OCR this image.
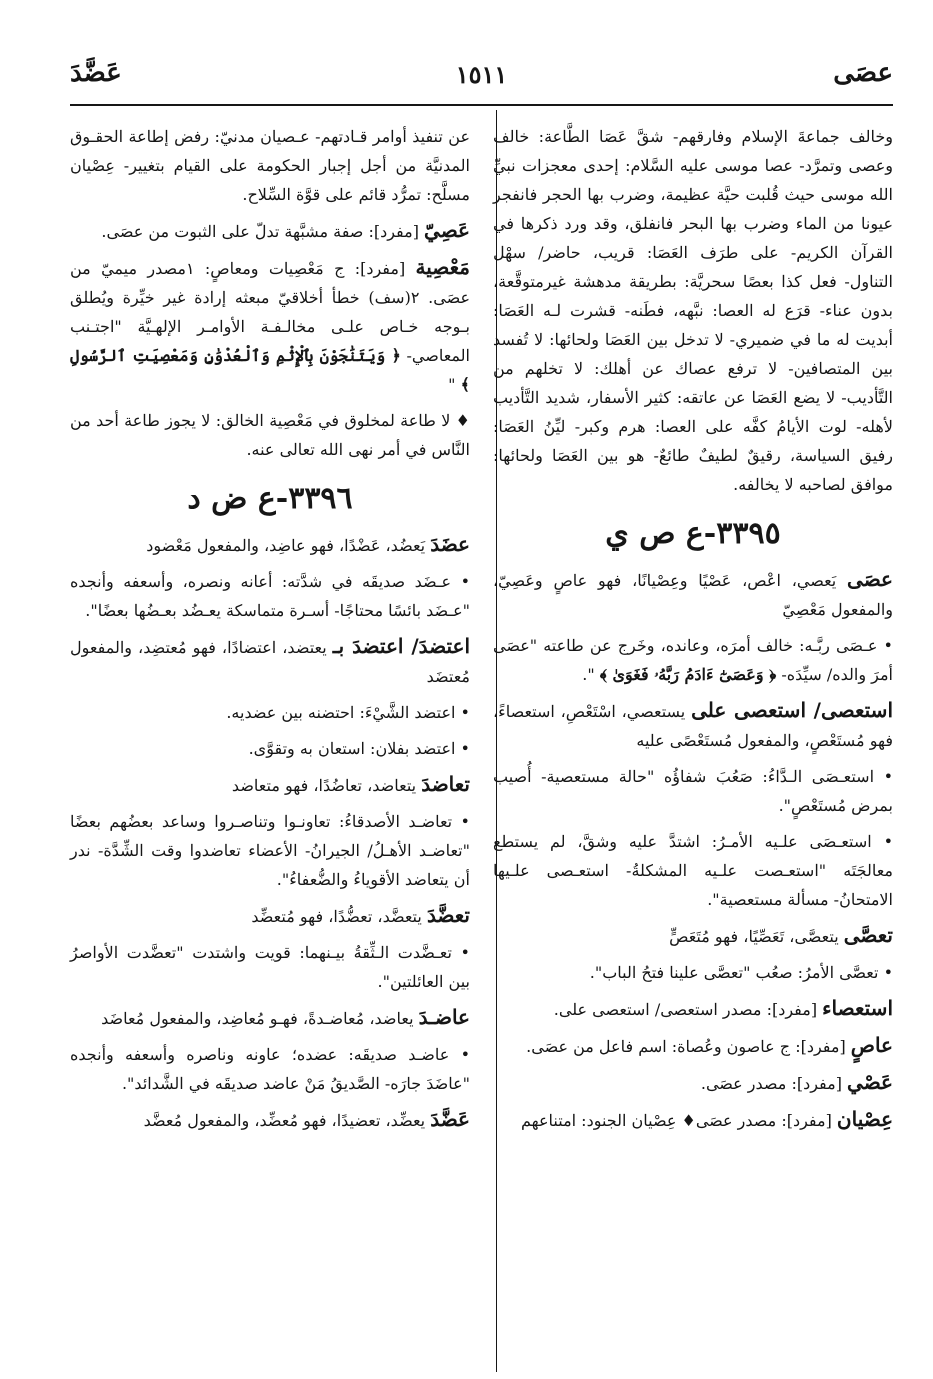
عصَى
١٥١١
عَضَّدَ

وخالف جماعةَ الإسلام وفارقهم- شقَّ عَصَا الطَّاعة: خالف وعصى وتمرَّد- عصا موسى عليه السَّلام: إحدى معجزات نبيِّ الله موسى حيث قُلبت حيَّة عظيمة، وضرب بها الحجر فانفجر عيونا من الماء وضرب بها البحر فانفلق، وقد ورد ذكرها في القرآن الكريم- على طرَف العَصَا: قريب، حاضر/ سهْل التناول- فعل كذا بعصًا سحريَّة: بطريقة مدهشة غيرمتوقَّعة، بدون عناء- قرَع له العصا: نبَّهه، فطَنه- قشرت لـه العَصَا: أبديت له ما في ضميري- لا تدخل بين العَصَا ولحائها: لا تُفسد بين المتصافين- لا ترفع عصاك عن أهلك: لا تخلهم من التَّأديب- لا يضع العَصَا عن عاتقه: كثير الأسفار، شديد التَّأديب لأهله- لوت الأيامُ كفَّه على العصا: هرم وكبر- ليِّنُ العَصَا: رفيق السياسة، رقيقٌ لطيفٌ طائعٌ- هو بين العَصَا ولحائها: موافق لصاحبه لا يخالفه.

٣٣٩٥-ع ص ي

عصَى يَعصي، اعْص، عَصْيًا وعِصْيانًا، فهو عاصٍ وعَصِيّ، والمفعول مَعْصِيّ

• عـصَى ربَّـه: خالف أمرَه، وعانده، وخَرج عن طاعته "عصَى أمرَ والده/ سيِّدَه- ﴿ وَعَصَىٰٓ ءَادَمُ رَبَّهُۥ فَغَوَىٰ ﴾ ".

استعصى/ استعصى على يستعصي، اسْتَعْصِ، استعصاءً، فهو مُستَعْصٍ، والمفعول مُستَعْصًى عليه

• استعـصَى الـدَّاءُ: صَعُبَ شفاؤُه "حالة مستعصية- أُصيب بمرض مُستَعْصٍ".

• استعـصَى علـيه الأمـرُ: اشتدَّ عليه وشقَّ، لم يستطع معالجَتَه "استعـصت علـيه المشكلةُ- استعـصى علـيها الامتحانُ- مسألة مستعصية".

تعصَّى يتعصَّى، تَعَصِّيًا، فهو مُتَعَصٍّ

• تعصَّى الأمرُ: صعُب "تعصَّى علينا فتحُ الباب".

استعصاء [مفرد]: مصدر استعصى/ استعصى على.

عاصٍ [مفرد]: ج عاصون وعُصاة: اسم فاعل من عصَى.

عَصْي [مفرد]: مصدر عصَى.

عِصْيان [مفرد]: مصدر عصَى♦ عِصْيان الجنود: امتناعهم

عن تنفيذ أوامر قـادتهم- عـصيان مدنيّ: رفض إطاعة الحقـوق المدنيَّة من أجل إجبار الحكومة على القيام بتغيير- عِصْيان مسلَّح: تمرُّد قائم على قوَّة السِّلاح.

عَصِيّ [مفرد]: صفة مشبَّهة تدلّ على الثبوت من عصَى.

مَعْصِية [مفرد]: ج مَعْصِيات ومعاصٍ: ١مصدر ميميّ من عصَى. ٢(سف) خطأ أخلاقيّ مبعثه إرادة غير خيِّرة ويُطلق بـوجه خـاص علـى مخالـفـة الأوامـر الإلهـيَّة "اجتـنب المعاصي- ﴿ وَيَتَنَٰجَوْنَ بِٱلْإِثْمِ وَٱلْعُدْوَٰنِ وَمَعْصِيَتِ ٱلرَّسُولِ ﴾ "

♦ لا طاعة لمخلوق في مَعْصِية الخالق: لا يجوز طاعة أحد من النَّاس في أمر نهى الله تعالى عنه.

٣٣٩٦-ع ض د

عضَدَ يَعضُد، عَضْدًا، فهو عاضِد، والمفعول مَعْضود

• عـضَد صديقَه في شدَّته: أعانه ونصره، وأسعفه وأنجده "عـضَد بائسًا محتاجًا- أسـرة متماسكة يعـضُد بعـضُها بعضًا".

اعتضدَ/ اعتضدَ بـ يعتضد، اعتضادًا، فهو مُعتضِد، والمفعول مُعتضَد

• اعتضد الشَّيْءَ: احتضنه بين عضديه.

• اعتضد بفلان: استعان به وتقوَّى.

تعاضدَ يتعاضد، تعاضُدًا، فهو متعاضد

• تعاضـد الأصدقاءُ: تعاونـوا وتناصـروا وساعد بعضُهم بعضًا "تعاضـد الأهـلُ/ الجيرانُ- الأعضاء تعاضدوا وقت الشِّدَّة- ندر أن يتعاضد الأقوياءُ والضُّعفاءُ".

تعضَّدَ يتعضَّد، تعضُّدًا، فهو مُتعضِّد

• تعـضَّدت الـثِّقةُ بيـنهما: قويت واشتدت "تعضَّدت الأواصرُ بين العائلتين".

عاضـدَ يعاضد، مُعاضـدةً، فهـو مُعاضِد، والمفعول مُعاضَد

• عاضـد صديقَه: عضده؛ عاونه وناصره وأسعفه وأنجده "عاضَدَ جارَه- الصَّديقُ مَنْ عاضد صديقَه في الشَّدائد".

عَضَّدَ يعضِّد، تعضيدًا، فهو مُعضِّد، والمفعول مُعضَّد
